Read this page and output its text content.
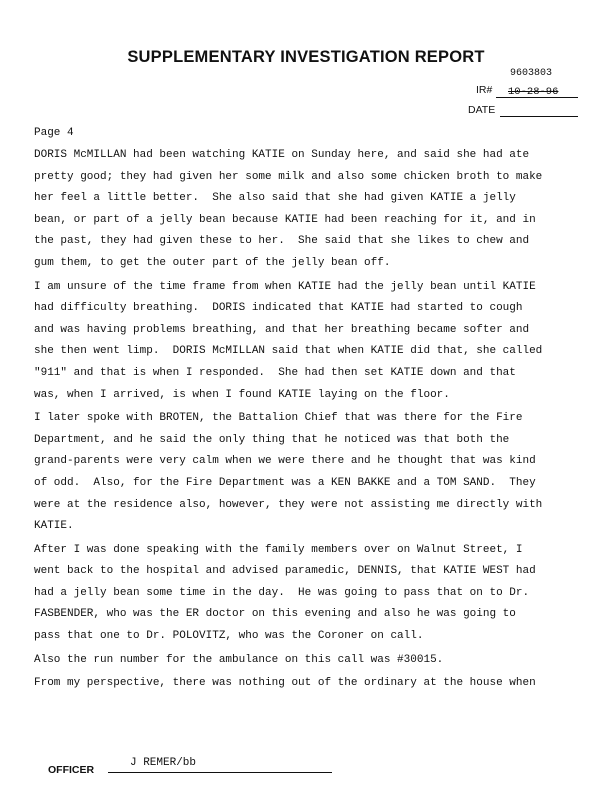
SUPPLEMENTARY INVESTIGATION REPORT
9603803
IR# 10-28-96
DATE
Page 4

DORIS McMILLAN had been watching KATIE on Sunday here, and said she had ate
pretty good; they had given her some milk and also some chicken broth to make
her feel a little better.  She also said that she had given KATIE a jelly
bean, or part of a jelly bean because KATIE had been reaching for it, and in
the past, they had given these to her.  She said that she likes to chew and
gum them, to get the outer part of the jelly bean off.

I am unsure of the time frame from when KATIE had the jelly bean until KATIE
had difficulty breathing.  DORIS indicated that KATIE had started to cough
and was having problems breathing, and that her breathing became softer and
she then went limp.  DORIS McMILLAN said that when KATIE did that, she called
"911" and that is when I responded.  She had then set KATIE down and that
was, when I arrived, is when I found KATIE laying on the floor.

I later spoke with BROTEN, the Battalion Chief that was there for the Fire
Department, and he said the only thing that he noticed was that both the
grand-parents were very calm when we were there and he thought that was kind
of odd.  Also, for the Fire Department was a KEN BAKKE and a TOM SAND.  They
were at the residence also, however, they were not assisting me directly with
KATIE.

After I was done speaking with the family members over on Walnut Street, I
went back to the hospital and advised paramedic, DENNIS, that KATIE WEST had
had a jelly bean some time in the day.  He was going to pass that on to Dr.
FASBENDER, who was the ER doctor on this evening and also he was going to
pass that one to Dr. POLOVITZ, who was the Coroner on call.

Also the run number for the ambulance on this call was #30015.

From my perspective, there was nothing out of the ordinary at the house when

OFFICER
J REMER/bb
